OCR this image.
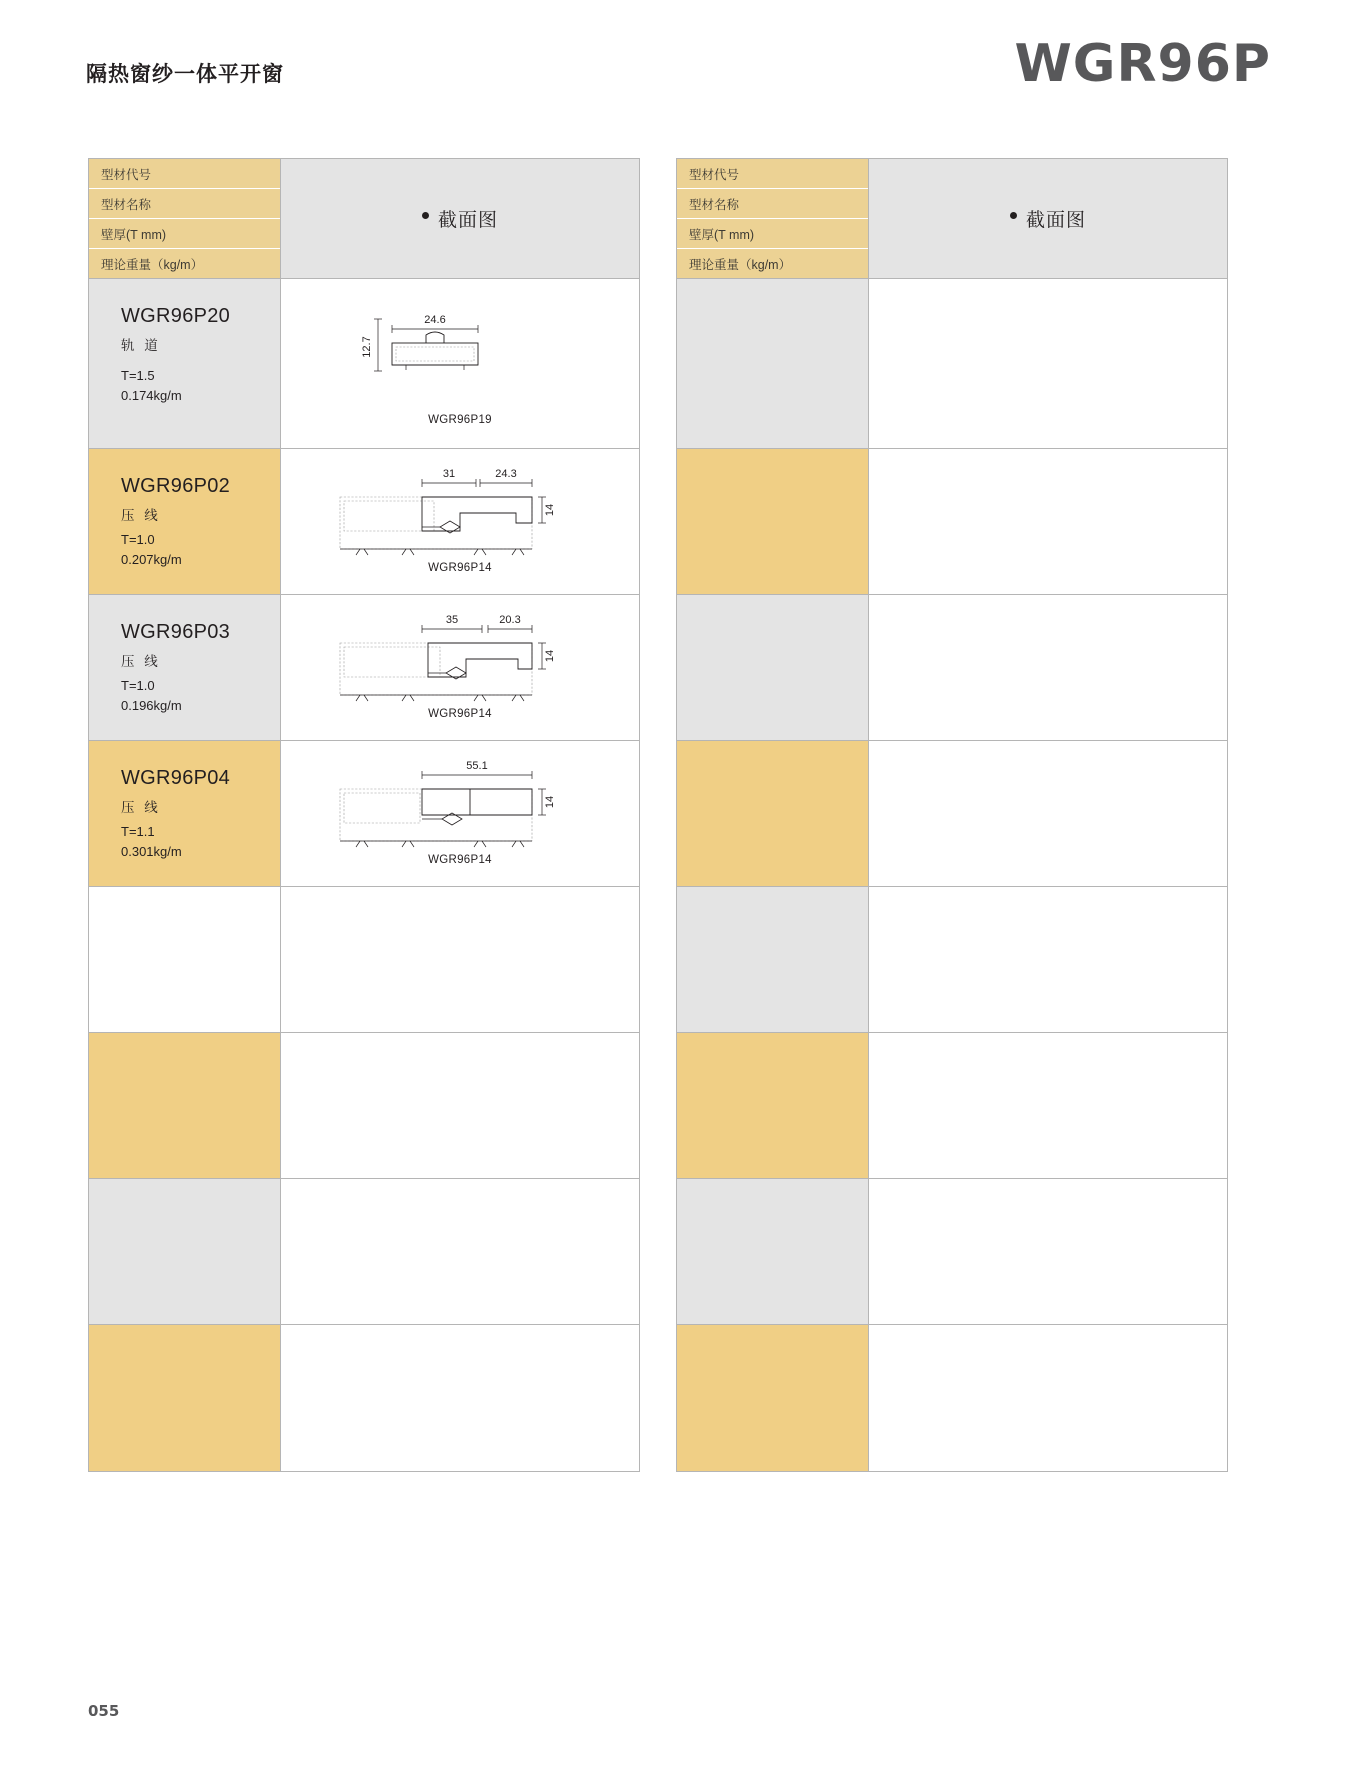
隔热窗纱一体平开窗	WGR96P
型材代号
型材名称
壁厚(T mm)
理论重量（kg/m）
截面图
WGR96P20
轨 道
T=1.5
0.174kg/m
12.7
24.6
WGR96P19
WGR96P02
压 线
T=1.0
0.207kg/m
31	24.3
14
WGR96P14
WGR96P03
压 线
T=1.0
0.196kg/m
35	20.3
14
WGR96P14
WGR96P04
压 线
T=1.1
0.301kg/m
55.1
14
WGR96P14
型材代号
型材名称
壁厚(T mm)
理论重量（kg/m）
截面图
055
